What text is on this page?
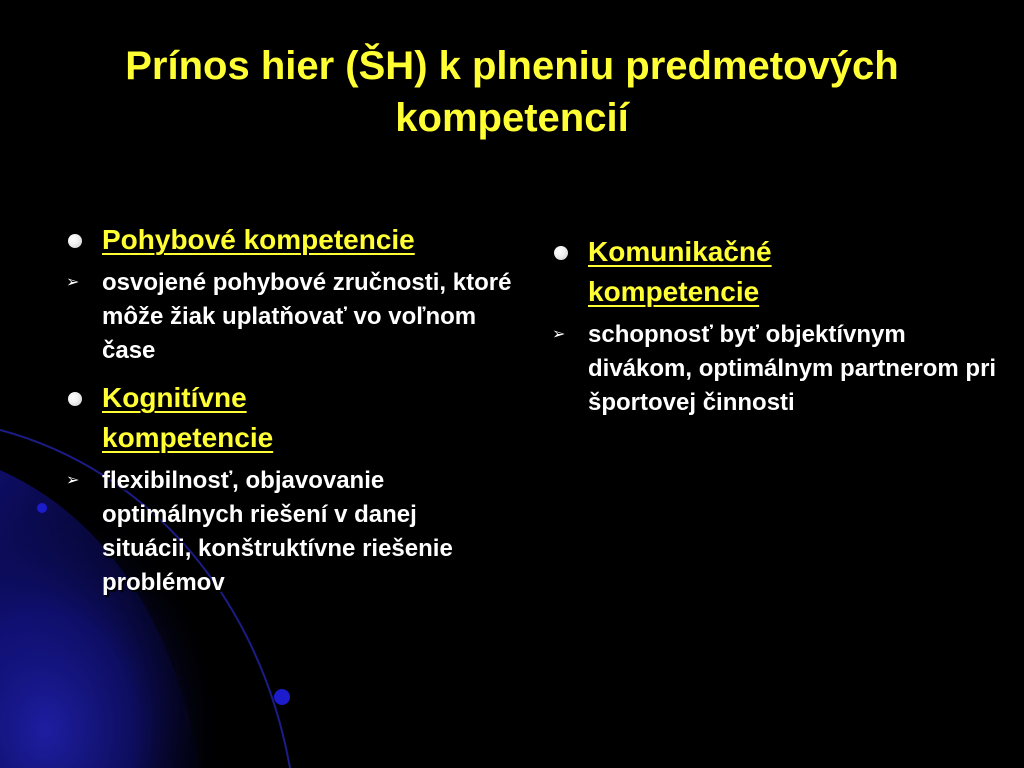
Prínos hier (ŠH) k plneniu predmetových kompetencií
Pohybové kompetencie
➢ osvojené pohybové zručnosti, ktoré môže žiak uplatňovať vo voľnom čase
Kognitívne kompetencie
➢ flexibilnosť, objavovanie optimálnych riešení v danej situácii, konštruktívne riešenie problémov
Komunikačné kompetencie
➢ schopnosť byť objektívnym divákom, optimálnym partnerom pri športovej činnosti
